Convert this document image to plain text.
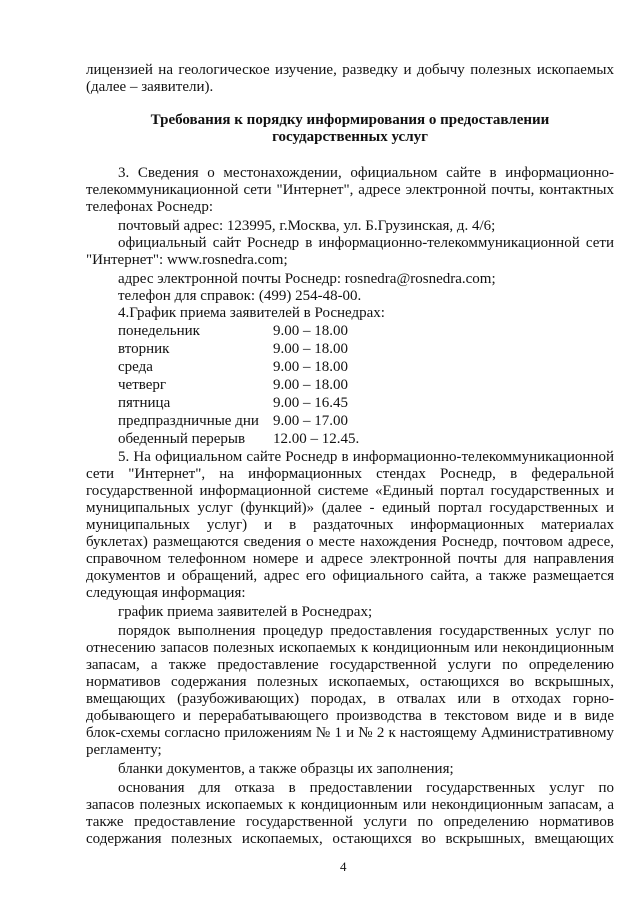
лицензией на геологическое изучение, разведку и добычу полезных ископаемых
(далее – заявители).
Требования к порядку информирования о предоставлении
государственных услуг
3. Сведения о местонахождении, официальном сайте в информационно-
телекоммуникационной сети "Интернет", адресе электронной почты, контактных
телефонах Роснедр:
почтовый адрес: 123995, г.Москва, ул. Б.Грузинская, д. 4/6;
официальный сайт Роснедр в информационно-телекоммуникационной сети
"Интернет": www.rosnedra.com;
адрес электронной почты Роснедр: rosnedra@rosnedra.com;
телефон для справок: (499) 254-48-00.
4.График приема заявителей в Роснедрах:
понедельник	9.00 – 18.00
вторник	9.00 – 18.00
среда	9.00 – 18.00
четверг	9.00 – 18.00
пятница	9.00 – 16.45
предпраздничные дни 9.00 – 17.00
обеденный перерыв 12.00 – 12.45.
5. На официальном сайте Роснедр в информационно-телекоммуникационной
сети "Интернет", на информационных стендах Роснедр, в федеральной
государственной информационной системе «Единый портал государственных и
муниципальных услуг (функций)» (далее - единый портал государственных и
муниципальных услуг) и в раздаточных информационных материалах
буклетах) размещаются сведения о месте нахождения Роснедр, почтовом адресе,
справочном телефонном номере и адресе электронной почты для направления
документов и обращений, адрес его официального сайта, а также размещается
следующая информация:
график приема заявителей в Роснедрах;
порядок выполнения процедур предоставления государственных услуг по
отнесению запасов полезных ископаемых к кондиционным или некондиционным
запасам, а также предоставление государственной услуги по определению
нормативов содержания полезных ископаемых, остающихся во вскрышных,
вмещающих (разубоживающих) породах, в отвалах или в отходах горно-
добывающего и перерабатывающего производства в текстовом виде и в виде
блок-схемы согласно приложениям № 1 и № 2 к настоящему Административному
регламенту;
бланки документов, а также образцы их заполнения;
основания для отказа в предоставлении государственных услуг по
запасов полезных ископаемых к кондиционным или некондиционным запасам, а
также предоставление государственной услуги по определению нормативов
содержания полезных ископаемых, остающихся во вскрышных, вмещающих
4
